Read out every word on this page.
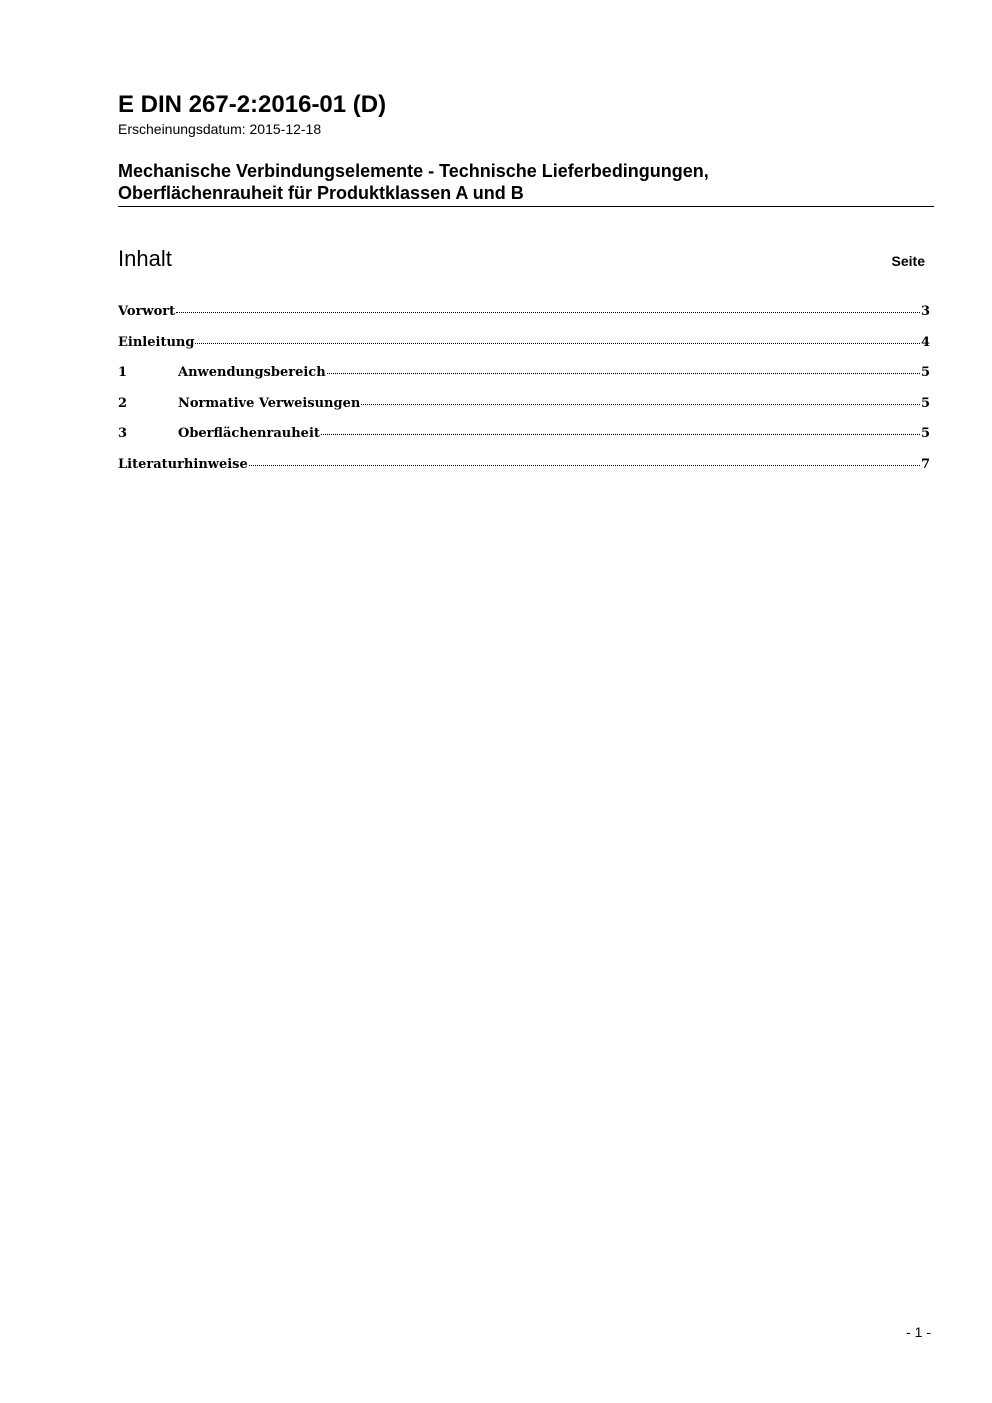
E DIN 267-2:2016-01 (D)
Erscheinungsdatum: 2015-12-18
Mechanische Verbindungselemente - Technische Lieferbedingungen,
Oberflächenrauheit für Produktklassen A und B
Inhalt	Seite
Vorwort	3
Einleitung	4
1	Anwendungsbereich	5
2	Normative Verweisungen	5
3	Oberflächenrauheit	5
Literaturhinweise	7
- 1 -
